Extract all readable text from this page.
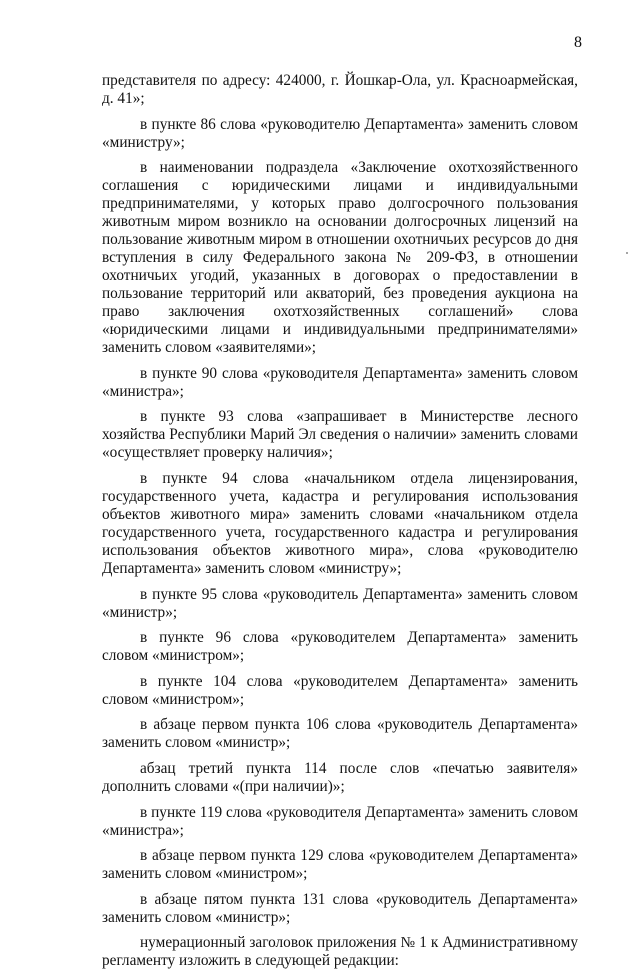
8

представителя по адресу: 424000, г. Йошкар-Ола, ул. Красноармейская, д. 41»;

в пункте 86 слова «руководителю Департамента» заменить словом «министру»;

в наименовании подраздела «Заключение охотхозяйственного соглашения с юридическими лицами и индивидуальными предпринимателями, у которых право долгосрочного пользования животным миром возникло на основании долгосрочных лицензий на пользование животным миром в отношении охотничьих ресурсов до дня вступления в силу Федерального закона № 209-ФЗ, в отношении охотничьих угодий, указанных в договорах о предоставлении в пользование территорий или акваторий, без проведения аукциона на право заключения охотхозяйственных соглашений» слова «юридическими лицами и индивидуальными предпринимателями» заменить словом «заявителями»;

в пункте 90 слова «руководителя Департамента» заменить словом «министра»;

в пункте 93 слова «запрашивает в Министерстве лесного хозяйства Республики Марий Эл сведения о наличии» заменить словами «осуществляет проверку наличия»;

в пункте 94 слова «начальником отдела лицензирования, государственного учета, кадастра и регулирования использования объектов животного мира» заменить словами «начальником отдела государственного учета, государственного кадастра и регулирования использования объектов животного мира», слова «руководителю Департамента» заменить словом «министру»;

в пункте 95 слова «руководитель Департамента» заменить словом «министр»;

в пункте 96 слова «руководителем Департамента» заменить словом «министром»;

в пункте 104 слова «руководителем Департамента» заменить словом «министром»;

в абзаце первом пункта 106 слова «руководитель Департамента» заменить словом «министр»;

абзац третий пункта 114 после слов «печатью заявителя» дополнить словами «(при наличии)»;

в пункте 119 слова «руководителя Департамента» заменить словом «министра»;

в абзаце первом пункта 129 слова «руководителем Департамента» заменить словом «министром»;

в абзаце пятом пункта 131 слова «руководитель Департамента» заменить словом «министр»;

нумерационный заголовок приложения № 1 к Административному регламенту изложить в следующей редакции:
